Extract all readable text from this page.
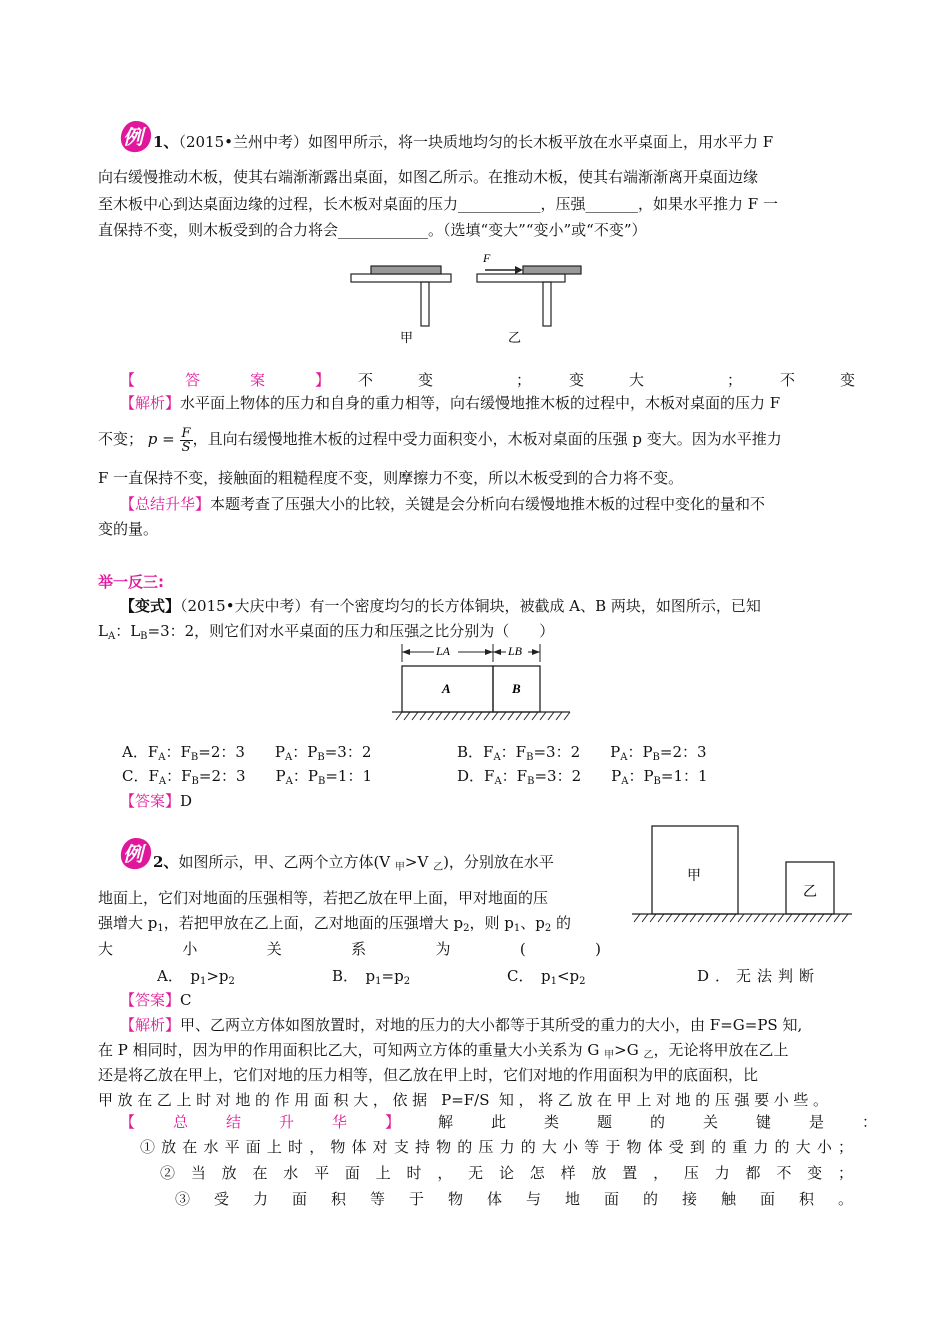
例 1、（2015•兰州中考）如图甲所示，将一块质地均匀的长木板平放在水平桌面上，用水平力 F
向右缓慢推动木板，使其右端渐渐露出桌面，如图乙所示。在推动木板，使其右端渐渐离开桌面边缘
至木板中心到达桌面边缘的过程，长木板对桌面的压力___________，压强_______，如果水平推力 F 一
直保持不变，则木板受到的合力将会____________。（选填“变大”“变小”或“不变”）
F
甲	乙
【答案】
不变	；	变大	；	不变
【解析】水平面上物体的压力和自身的重力相等，向右缓慢地推木板的过程中，木板对桌面的压力 F
不变； $p = \frac{F}{S}$ ，且向右缓慢地推木板的过程中受力面积变小，木板对桌面的压强 p 变大。因为水平推力
F 一直保持不变，接触面的粗糙程度不变，则摩擦力不变，所以木板受到的合力将不变。
【总结升华】本题考查了压强大小的比较，关键是会分析向右缓慢地推木板的过程中变化的量和不
变的量。
举一反三:
【变式】（2015•大庆中考）有一个密度均匀的长方体铜块，被截成 A、B 两块，如图所示，已知
$L_A$：$L_B=3$：2，则它们对水平桌面的压力和压强之比分别为（　　）
LA	LB
A	B
A．$F_A$：$F_B=2$：3　　$P_A$：$P_B=3$：2	B．$F_A$：$F_B=3$：2　　$P_A$：$P_B=2$：3
C．$F_A$：$F_B=2$：3　　$P_A$：$P_B=1$：1	D．$F_A$：$F_B=3$：2　　$P_A$：$P_B=1$：1
【答案】D
例 2、如图所示，甲、乙两个立方体(V $_甲$>V $_乙$)，分别放在水平
地面上，它们对地面的压强相等，若把乙放在甲上面，甲对地面的压
强增大 $p_1$，若把甲放在乙上面，乙对地面的压强增大 $p_2$，则 $p_1$、$p_2$ 的
大	小	关	系	为	(	)
甲
乙
A．　$p_1>p_2$	B．　$p_1=p_2$	C．　$p_1<p_2$	D．无法判断
【答案】C
【解析】甲、乙两立方体如图放置时，对地的压力的大小都等于其所受的重力的大小，由 F=G=PS 知,
在 P 相同时，因为甲的作用面积比乙大，可知两立方体的重量大小关系为 G $_甲$>G $_乙$，无论将甲放在乙上
还是将乙放在甲上，它们对地的压力相等，但乙放在甲上时，它们对地的作用面积为甲的底面积，比
甲放在乙上时对地的作用面积大，依据 P=F/S 知，将乙放在甲上对地的压强要小些。
【总结升华】 解此类题的关键是：
①放在水平面上时，物体对支持物的压力的大小等于物体受到的重力的大小；
②当放在水平面上时，无论怎样放置，压力都不变；
③受力面积等于物体与地面的接触面积。
